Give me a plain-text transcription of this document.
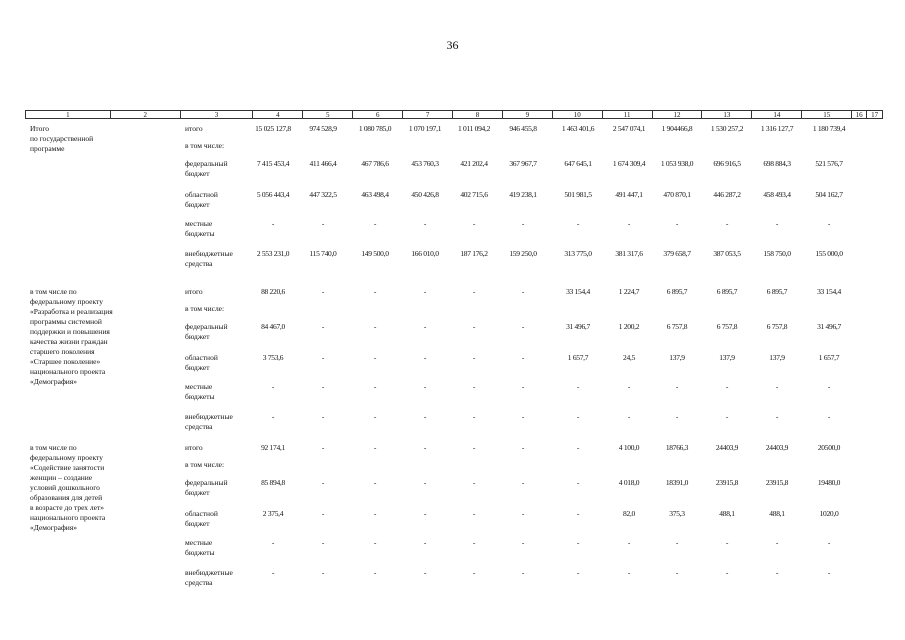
36
1	2	3	4	5	6	7	8	9	10	11	12	13	14	15	16	17
Итого
по государственной
программе
итого	15 025 127,8	974 528,9	1 080 785,0	1 070 197,1	1 011 094,2	946 455,8	1 463 401,6	2 547 074,1	1 904466,8	1 530 257,2	1 316 127,7	1 180 739,4
в том числе:
федеральный
бюджет
7 415 453,4	411 466,4	467 786,6	453 760,3	421 202,4	367 967,7	647 645,1	1 674 309,4	1 053 938,0	696 916,5	698 884,3	521 576,7
областной
бюджет
5 056 443,4	447 322,5	463 498,4	450 426,8	402 715,6	419 238,1	501 981,5	491 447,1	470 870,1	446 287,2	458 493,4	504 162,7
местные
бюджеты
-	-	-	-	-	-	-	-	-	-	-	-
внебюджетные
средства
2 553 231,0	115 740,0	149 500,0	166 010,0	187 176,2	159 250,0	313 775,0	381 317,6	379 658,7	387 053,5	158 750,0	155 000,0
в том числе по
федеральному проекту
«Разработка и реализация
программы системной
поддержки и повышения
качества жизни граждан
старшего поколения
«Старшее поколение»
национального проекта
«Демография»
итого	88 220,6	-	-	-	-	-	33 154,4	1 224,7	6 895,7	6 895,7	6 895,7	33 154,4
в том числе:
федеральный
бюджет
84 467,0	-	-	-	-	-	31 496,7	1 200,2	6 757,8	6 757,8	6 757,8	31 496,7
областной
бюджет
3 753,6	-	-	-	-	-	1 657,7	24,5	137,9	137,9	137,9	1 657,7
местные
бюджеты
-	-	-	-	-	-	-	-	-	-	-	-
внебюджетные
средства
-	-	-	-	-	-	-	-	-	-	-	-
в том числе по
федеральному проекту
«Содействие занятости
женщин – создание
условий дошкольного
образования для детей
в возрасте до трех лет»
национального проекта
«Демография»
итого	92 174,1	-	-	-	-	-	-	4 100,0	18766,3	24403,9	24403,9	20500,0
в том числе:
федеральный
бюджет
85 894,8	-	-	-	-	-	-	4 018,0	18391,0	23915,8	23915,8	19480,0
областной
бюджет
2 375,4	-	-	-	-	-	-	82,0	375,3	488,1	488,1	1020,0
местные
бюджеты
-	-	-	-	-	-	-	-	-	-	-	-
внебюджетные
средства
-	-	-	-	-	-	-	-	-	-	-	-
